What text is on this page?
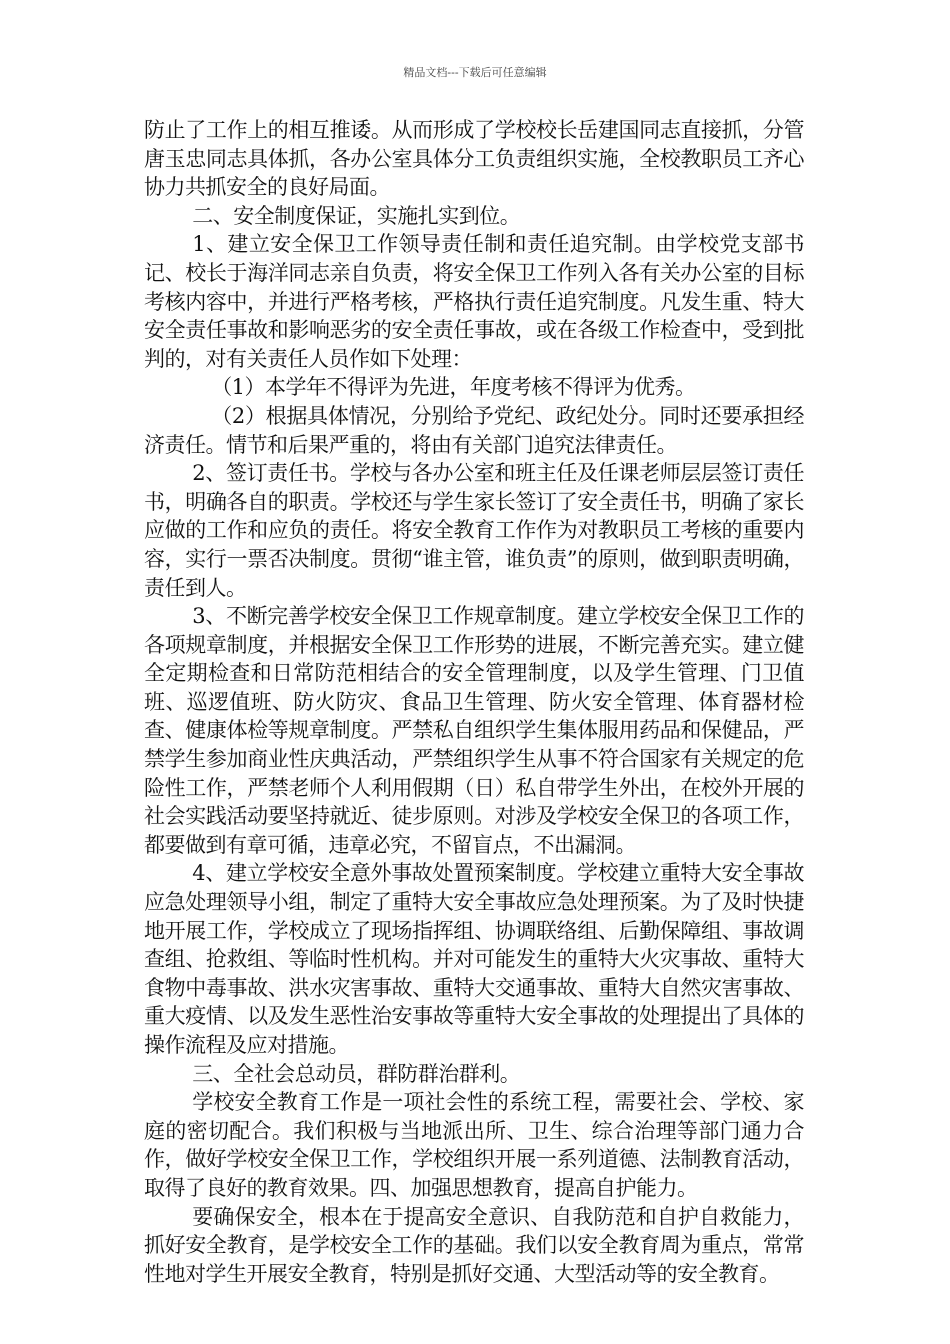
精品文档---下载后可任意编辑

防止了工作上的相互推诿。从而形成了学校校长岳建国同志直接抓，分管唐玉忠同志具体抓，各办公室具体分工负责组织实施，全校教职员工齐心协力共抓安全的良好局面。

二、安全制度保证，实施扎实到位。

1、建立安全保卫工作领导责任制和责任追究制。由学校党支部书记、校长于海洋同志亲自负责，将安全保卫工作列入各有关办公室的目标考核内容中，并进行严格考核，严格执行责任追究制度。凡发生重、特大安全责任事故和影响恶劣的安全责任事故，或在各级工作检查中，受到批判的，对有关责任人员作如下处理：

（1）本学年不得评为先进，年度考核不得评为优秀。

（2）根据具体情况，分别给予党纪、政纪处分。同时还要承担经济责任。情节和后果严重的，将由有关部门追究法律责任。

2、签订责任书。学校与各办公室和班主任及任课老师层层签订责任书，明确各自的职责。学校还与学生家长签订了安全责任书，明确了家长应做的工作和应负的责任。将安全教育工作作为对教职员工考核的重要内容，实行一票否决制度。贯彻“谁主管，谁负责”的原则，做到职责明确，责任到人。

3、不断完善学校安全保卫工作规章制度。建立学校安全保卫工作的各项规章制度，并根据安全保卫工作形势的进展，不断完善充实。建立健全定期检查和日常防范相结合的安全管理制度，以及学生管理、门卫值班、巡逻值班、防火防灾、食品卫生管理、防火安全管理、体育器材检查、健康体检等规章制度。严禁私自组织学生集体服用药品和保健品，严禁学生参加商业性庆典活动，严禁组织学生从事不符合国家有关规定的危险性工作，严禁老师个人利用假期（日）私自带学生外出，在校外开展的社会实践活动要坚持就近、徒步原则。对涉及学校安全保卫的各项工作，都要做到有章可循，违章必究，不留盲点，不出漏洞。

4、建立学校安全意外事故处置预案制度。学校建立重特大安全事故应急处理领导小组，制定了重特大安全事故应急处理预案。为了及时快捷地开展工作，学校成立了现场指挥组、协调联络组、后勤保障组、事故调查组、抢救组、等临时性机构。并对可能发生的重特大火灾事故、重特大食物中毒事故、洪水灾害事故、重特大交通事故、重特大自然灾害事故、重大疫情、以及发生恶性治安事故等重特大安全事故的处理提出了具体的操作流程及应对措施。

三、全社会总动员，群防群治群利。

学校安全教育工作是一项社会性的系统工程，需要社会、学校、家庭的密切配合。我们积极与当地派出所、卫生、综合治理等部门通力合作，做好学校安全保卫工作，学校组织开展一系列道德、法制教育活动，取得了良好的教育效果。四、加强思想教育，提高自护能力。

要确保安全，根本在于提高安全意识、自我防范和自护自救能力，抓好安全教育，是学校安全工作的基础。我们以安全教育周为重点，常常性地对学生开展安全教育，特别是抓好交通、大型活动等的安全教育。
